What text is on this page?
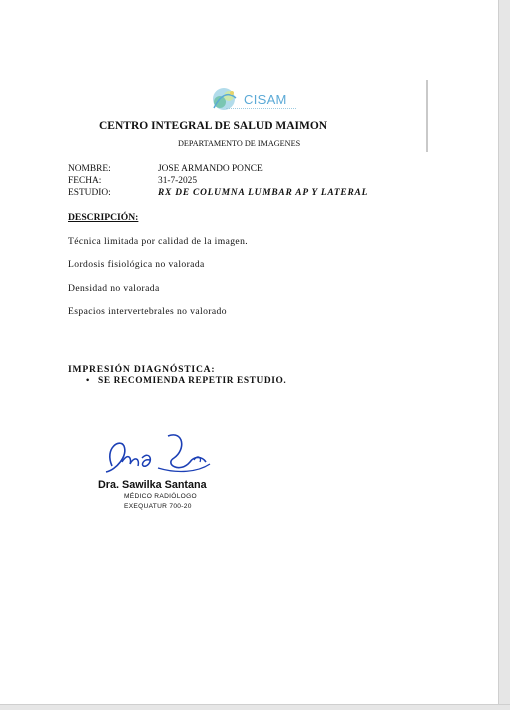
CISAM
CENTRO INTEGRAL DE SALUD MAIMON
DEPARTAMENTO DE IMAGENES
NOMBRE:	JOSE ARMANDO PONCE
FECHA:	31-7-2025
ESTUDIO:	RX DE COLUMNA LUMBAR AP Y LATERAL
DESCRIPCIÓN:
Técnica limitada por calidad de la imagen.
Lordosis fisiológica no valorada
Densidad no valorada
Espacios intervertebrales no valorado
IMPRESIÓN DIAGNÓSTICA:
• SE RECOMIENDA REPETIR ESTUDIO.
Dra. Sawilka Santana
MÉDICO RADIÓLOGO
EXEQUATUR 700-20
